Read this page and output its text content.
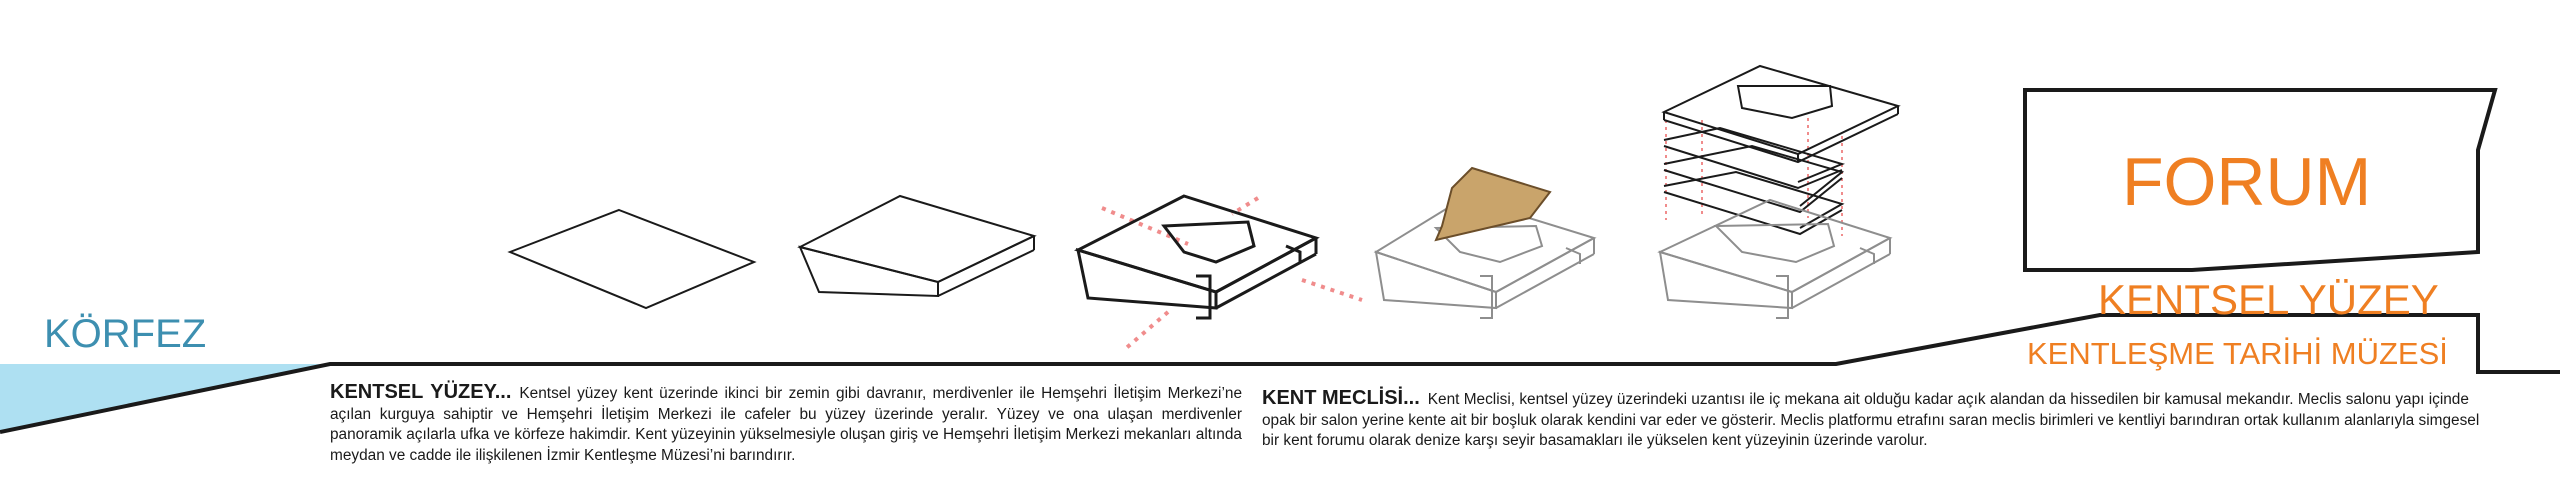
KÖRFEZ
FORUM
KENTSEL YÜZEY
KENTLEŞME TARİHİ MÜZESİ
KENTSEL YÜZEY... Kentsel yüzey kent üzerinde ikinci bir zemin gibi davranır, merdivenler ile Hemşehri İletişim Merkezi’ne açılan kurguya sahiptir ve Hemşehri İletişim Merkezi ile cafeler bu yüzey üzerinde yeralır. Yüzey ve ona ulaşan merdivenler panoramik açılarla ufka ve körfeze hakimdir. Kent yüzeyinin yükselmesiyle oluşan giriş ve Hemşehri İletişim Merkezi mekanları altında meydan ve cadde ile ilişkilenen İzmir Kentleşme Müzesi’ni barındırır.
KENT MECLİSİ... Kent Meclisi, kentsel yüzey üzerindeki uzantısı ile iç mekana ait olduğu kadar açık alandan da hissedilen bir kamusal mekandır. Meclis salonu yapı içinde opak bir salon yerine kente ait bir boşluk olarak kendini var eder ve gösterir. Meclis platformu etrafını saran meclis birimleri ve kentliyi barındıran ortak kullanım alanlarıyla simgesel bir kent forumu olarak denize karşı seyir basamakları ile yükselen kent yüzeyinin üzerinde varolur.
